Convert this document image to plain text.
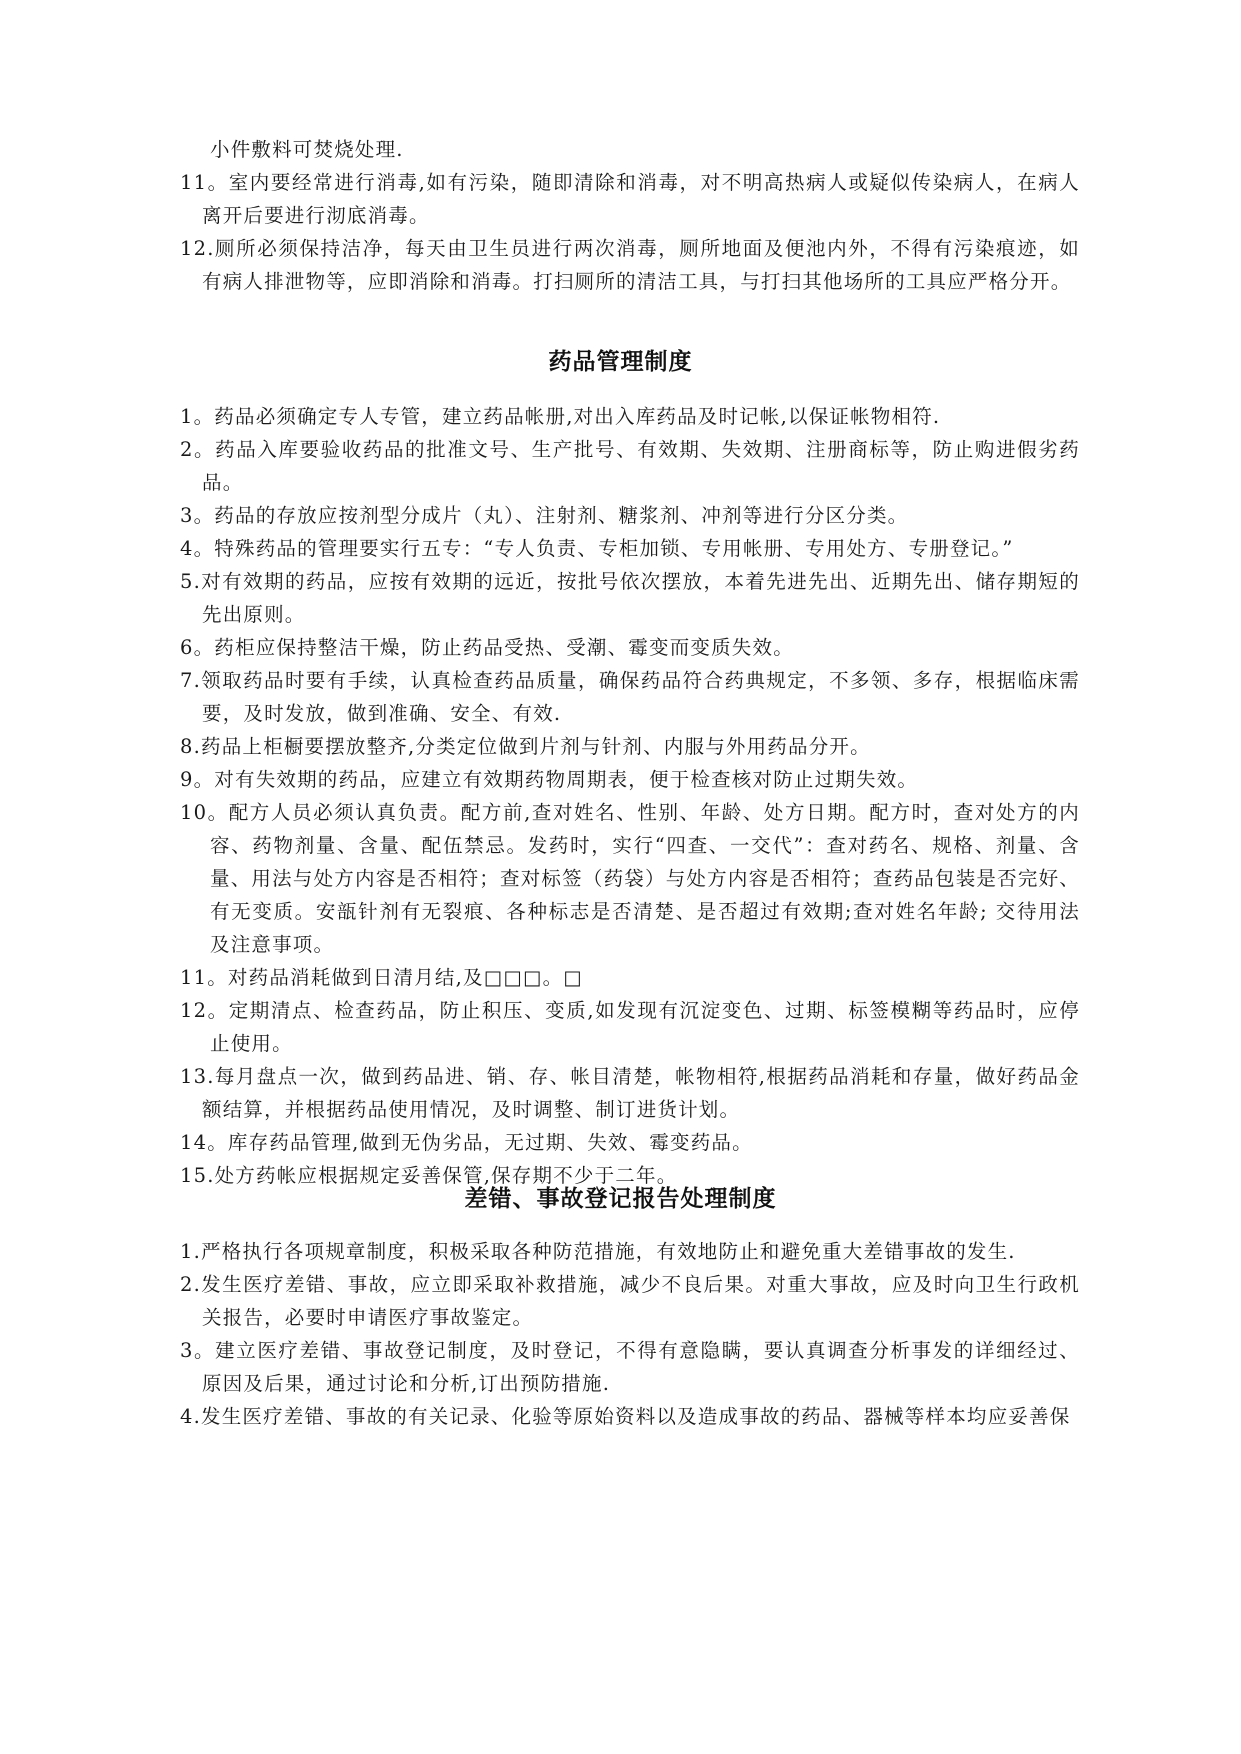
小件敷料可焚烧处理.
11。室内要经常进行消毒,如有污染，随即清除和消毒，对不明高热病人或疑似传染病人，在病人离开后要进行沏底消毒。
12.厕所必须保持洁净，每天由卫生员进行两次消毒，厕所地面及便池内外，不得有污染痕迹，如有病人排泄物等，应即消除和消毒。打扫厕所的清洁工具，与打扫其他场所的工具应严格分开。
药品管理制度
1。药品必须确定专人专管，建立药品帐册,对出入库药品及时记帐,以保证帐物相符.
2。药品入库要验收药品的批准文号、生产批号、有效期、失效期、注册商标等，防止购进假劣药品。
3。药品的存放应按剂型分成片（丸）、注射剂、糖浆剂、冲剂等进行分区分类。
4。特殊药品的管理要实行五专：“专人负责、专柜加锁、专用帐册、专用处方、专册登记。”
5.对有效期的药品，应按有效期的远近，按批号依次摆放，本着先进先出、近期先出、储存期短的先出原则。
6。药柜应保持整洁干燥，防止药品受热、受潮、霉变而变质失效。
7.领取药品时要有手续，认真检查药品质量，确保药品符合药典规定，不多领、多存，根据临床需要，及时发放，做到准确、安全、有效.
8.药品上柜橱要摆放整齐,分类定位做到片剂与针剂、内服与外用药品分开。
9。对有失效期的药品，应建立有效期药物周期表，便于检查核对防止过期失效。
10。配方人员必须认真负责。配方前,查对姓名、性别、年龄、处方日期。配方时，查对处方的内容、药物剂量、含量、配伍禁忌。发药时，实行“四查、一交代”：查对药名、规格、剂量、含量、用法与处方内容是否相符；查对标签（药袋）与处方内容是否相符；查药品包装是否完好、有无变质。安瓿针剂有无裂痕、各种标志是否清楚、是否超过有效期;查对姓名年龄; 交待用法及注意事项。
11。对药品消耗做到日清月结,及□□□。□
12。定期清点、检查药品，防止积压、变质,如发现有沉淀变色、过期、标签模糊等药品时，应停止使用。
13.每月盘点一次，做到药品进、销、存、帐目清楚，帐物相符,根据药品消耗和存量，做好药品金额结算，并根据药品使用情况，及时调整、制订进货计划。
14。库存药品管理,做到无伪劣品，无过期、失效、霉变药品。
15.处方药帐应根据规定妥善保管,保存期不少于二年。
差错、事故登记报告处理制度
1.严格执行各项规章制度，积极采取各种防范措施，有效地防止和避免重大差错事故的发生.
2.发生医疗差错、事故，应立即采取补救措施，减少不良后果。对重大事故，应及时向卫生行政机关报告，必要时申请医疗事故鉴定。
3。建立医疗差错、事故登记制度，及时登记，不得有意隐瞒，要认真调查分析事发的详细经过、原因及后果，通过讨论和分析,订出预防措施.
4.发生医疗差错、事故的有关记录、化验等原始资料以及造成事故的药品、器械等样本均应妥善保
